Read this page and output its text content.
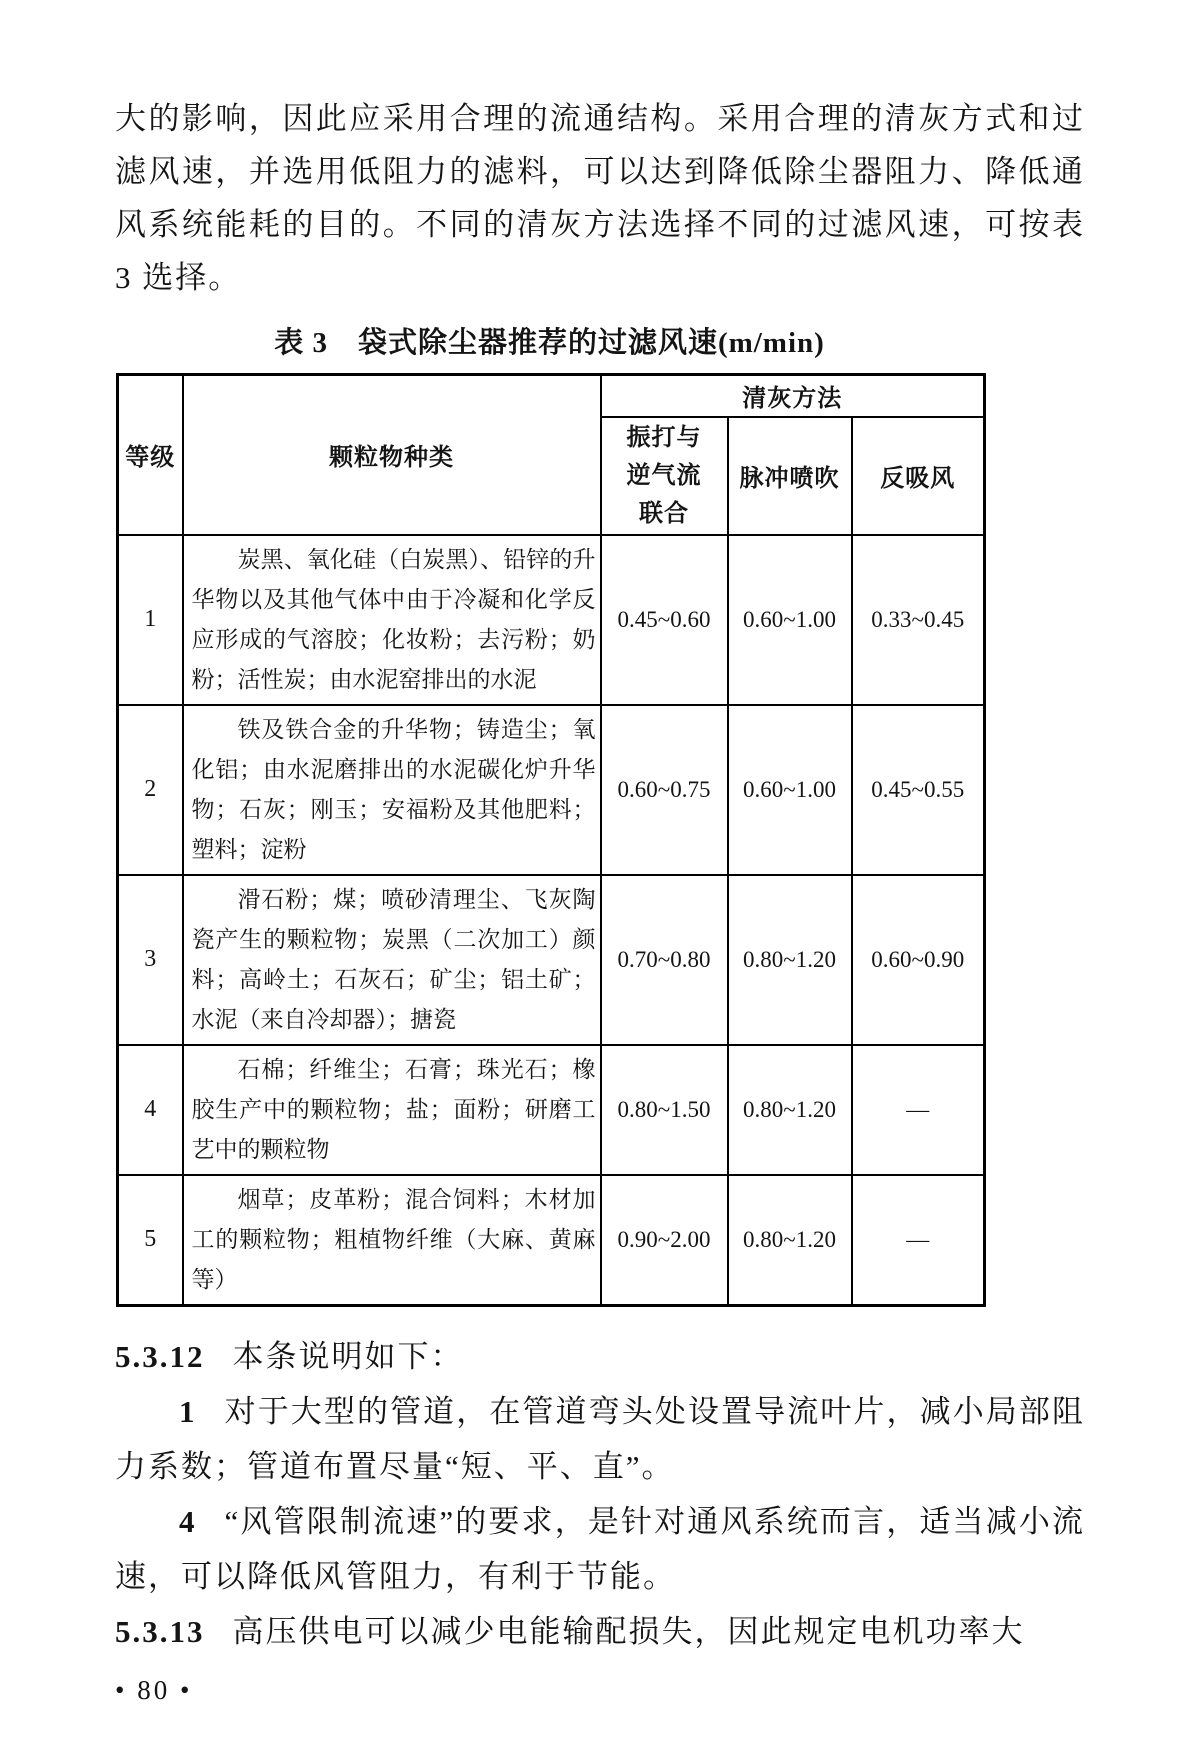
大的影响，因此应采用合理的流通结构。采用合理的清灰方式和过滤风速，并选用低阻力的滤料，可以达到降低除尘器阻力、降低通风系统能耗的目的。不同的清灰方法选择不同的过滤风速，可按表 3 选择。

表 3　袋式除尘器推荐的过滤风速(m/min)
等级	颗粒物种类	清灰方法		
		振打与逆气流联合	脉冲喷吹	反吸风
1	炭黑、氧化硅（白炭黑）、铅锌的升华物以及其他气体中由于冷凝和化学反应形成的气溶胶；化妆粉；去污粉；奶粉；活性炭；由水泥窑排出的水泥	0.45~0.60	0.60~1.00	0.33~0.45
2	铁及铁合金的升华物；铸造尘；氧化铝；由水泥磨排出的水泥碳化炉升华物；石灰；刚玉；安福粉及其他肥料；塑料；淀粉	0.60~0.75	0.60~1.00	0.45~0.55
3	滑石粉；煤；喷砂清理尘、飞灰陶瓷产生的颗粒物；炭黑（二次加工）颜料；高岭土；石灰石；矿尘；铝土矿；水泥（来自冷却器）；搪瓷	0.70~0.80	0.80~1.20	0.60~0.90
4	石棉；纤维尘；石膏；珠光石；橡胶生产中的颗粒物；盐；面粉；研磨工艺中的颗粒物	0.80~1.50	0.80~1.20	—
5	烟草；皮革粉；混合饲料；木材加工的颗粒物；粗植物纤维（大麻、黄麻等）	0.90~2.00	0.80~1.20	—

5.3.12 本条说明如下：

1 对于大型的管道，在管道弯头处设置导流叶片，减小局部阻力系数；管道布置尽量“短、平、直”。

4 “风管限制流速”的要求，是针对通风系统而言，适当减小流速，可以降低风管阻力，有利于节能。

5.3.13 高压供电可以减少电能输配损失，因此规定电机功率大

• 80 •
